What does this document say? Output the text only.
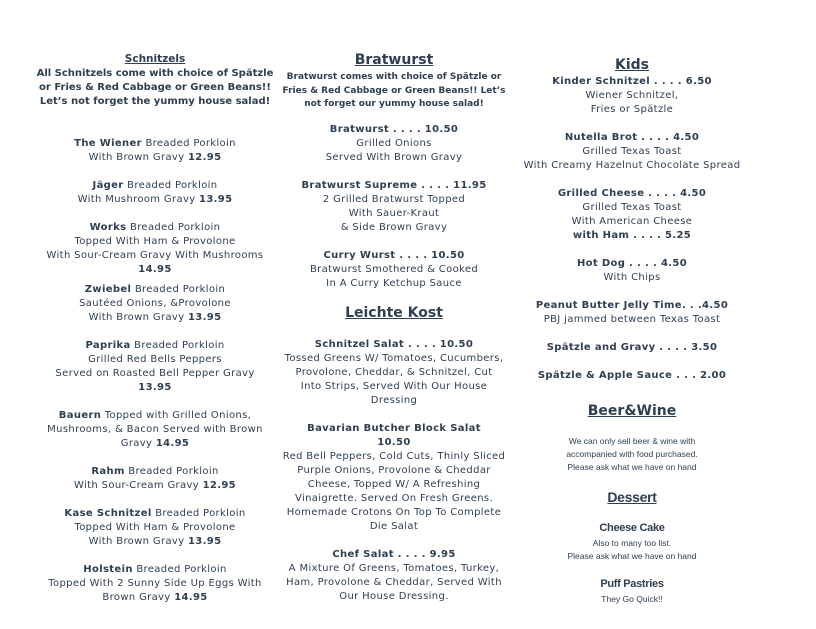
Schnitzels
All Schnitzels come with choice of Spätzle or Fries & Red Cabbage or Green Beans!! Let’s not forget the yummy house salad!
The Wiener Breaded Porkloin
With Brown Gravy 12.95
Jäger Breaded Porkloin
With Mushroom Gravy 13.95
Works Breaded Porkloin
Topped With Ham & Provolone
With Sour-Cream Gravy With Mushrooms
14.95
Zwiebel Breaded Porkloin
Sautéed Onions, &Provolone
With Brown Gravy 13.95
Paprika Breaded Porkloin
Grilled Red Bells Peppers
Served on Roasted Bell Pepper Gravy
13.95
Bauern Topped with Grilled Onions,
Mushrooms, & Bacon Served with Brown
Gravy 14.95
Rahm Breaded Porkloin
With Sour-Cream Gravy 12.95
Kase Schnitzel Breaded Porkloin
Topped With Ham & Provolone
With Brown Gravy 13.95
Holstein Breaded Porkloin
Topped With 2 Sunny Side Up Eggs With
Brown Gravy 14.95
Bratwurst
Bratwurst comes with choice of Spätzle or Fries & Red Cabbage or Green Beans!! Let’s not forget our yummy house salad!
Bratwurst . . . . 10.50
Grilled Onions
Served With Brown Gravy
Bratwurst Supreme . . . . 11.95
2 Grilled Bratwurst Topped
With Sauer-Kraut
& Side Brown Gravy
Curry Wurst . . . . 10.50
Bratwurst Smothered & Cooked
In A Curry Ketchup Sauce
Leichte Kost
Schnitzel Salat . . . . 10.50
Tossed Greens W/ Tomatoes, Cucumbers,
Provolone, Cheddar, & Schnitzel, Cut
Into Strips, Served With Our House
Dressing
Bavarian Butcher Block Salat
10.50
Red Bell Peppers, Cold Cuts, Thinly Sliced
Purple Onions, Provolone & Cheddar
Cheese, Topped W/ A Refreshing
Vinaigrette. Served On Fresh Greens.
Homemade Crotons On Top To Complete
Die Salat
Chef Salat . . . . 9.95
A Mixture Of Greens, Tomatoes, Turkey,
Ham, Provolone & Cheddar, Served With
Our House Dressing.
Kids
Kinder Schnitzel . . . . 6.50
Wiener Schnitzel,
Fries or Spätzle
Nutella Brot . . . . 4.50
Grilled Texas Toast
With Creamy Hazelnut Chocolate Spread
Grilled Cheese . . . . 4.50
Grilled Texas Toast
With American Cheese
with Ham . . . . 5.25
Hot Dog . . . . 4.50
With Chips
Peanut Butter Jelly Time. . .4.50
PBJ jammed between Texas Toast
Spätzle and Gravy . . . . 3.50
Spätzle & Apple Sauce . . . 2.00
Beer&Wine
We can only sell beer & wine with
accompanied with food purchased.
Please ask what we have on hand
Dessert
Cheese Cake
Also to many too list.
Please ask what we have on hand
Puff Pastries
They Go Quick!!
